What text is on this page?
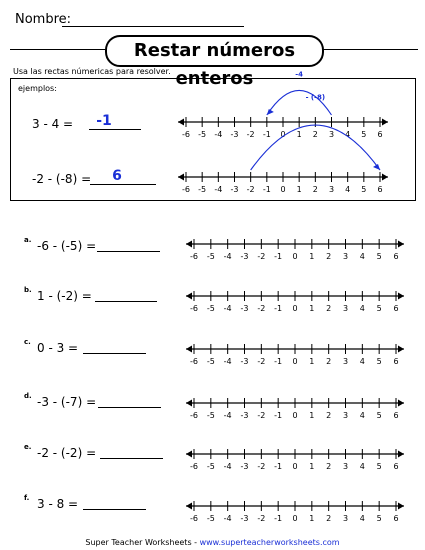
Nombre:
Restar números enteros
Usa las rectas númericas para resolver.
ejemplos:
3 - 4 =	-1
-2 - (-8) =	6
-6 -5 -4 -3 -2 -1 0 1 2 3 4 5 6
-4
-6 -5 -4 -3 -2 -1 0 1 2 3 4 5 6
- (-8)
a. -6 - (-5) =
-6 -5 -4 -3 -2 -1 0 1 2 3 4 5 6
b. 1 - (-2) =
-6 -5 -4 -3 -2 -1 0 1 2 3 4 5 6
c. 0 - 3 =
-6 -5 -4 -3 -2 -1 0 1 2 3 4 5 6
d. -3 - (-7) =
-6 -5 -4 -3 -2 -1 0 1 2 3 4 5 6
e. -2 - (-2) =
-6 -5 -4 -3 -2 -1 0 1 2 3 4 5 6
f. 3 - 8 =
-6 -5 -4 -3 -2 -1 0 1 2 3 4 5 6
Super Teacher Worksheets - www.superteacherworksheets.com
